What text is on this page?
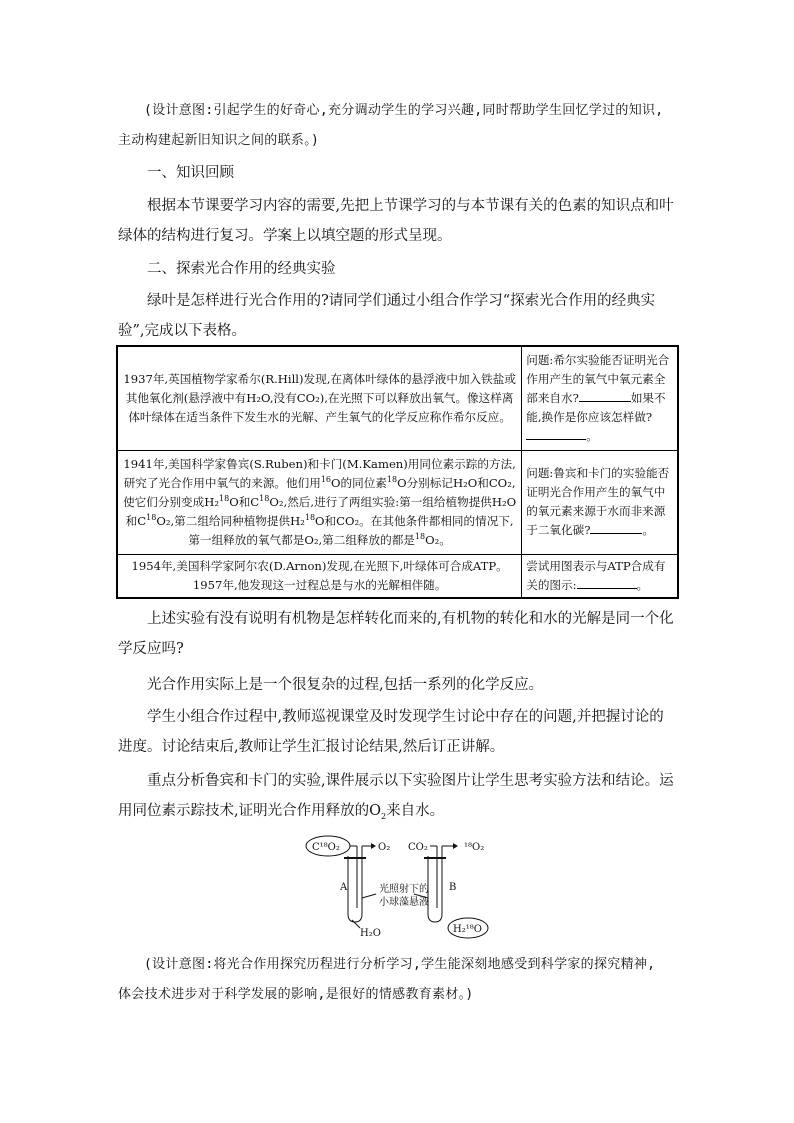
(设计意图:引起学生的好奇心,充分调动学生的学习兴趣,同时帮助学生回忆学过的知识,
主动构建起新旧知识之间的联系。)

一、知识回顾

根据本节课要学习内容的需要,先把上节课学习的与本节课有关的色素的知识点和叶绿体的结构进行复习。学案上以填空题的形式呈现。

二、探索光合作用的经典实验

绿叶是怎样进行光合作用的?请同学们通过小组合作学习“探索光合作用的经典实验”,完成以下表格。

1937年,英国植物学家希尔(R.Hill)发现,在离体叶绿体的悬浮液中加入铁盐或其他氧化剂(悬浮液中有H₂O,没有CO₂),在光照下可以释放出氧气。像这样离体叶绿体在适当条件下发生水的光解、产生氧气的化学反应称作希尔反应。	问题:希尔实验能否证明光合作用产生的氧气中氧元素全部来自水? 如果不能,换作是你应该怎样做?。
1941年,美国科学家鲁宾(S.Ruben)和卡门(M.Kamen)用同位素示踪的方法,研究了光合作用中氧气的来源。他们用$^{16}$O的同位素$^{18}$O分别标记H₂O和CO₂,使它们分别变成H₂$^{18}$O和$C^{18}O_2$,然后,进行了两组实验:第一组给植物提供H₂O和$C^{18}O_2$,第二组给同种植物提供H₂$^{18}$O和CO₂。在其他条件都相同的情况下,第一组释放的氧气都是O₂,第二组释放的都是$^{18}$O₂。	问题:鲁宾和卡门的实验能否证明光合作用产生的氧气中的氧元素来源于水而非来源于二氧化碳? 。
1954年,美国科学家阿尔农(D.Arnon)发现,在光照下,叶绿体可合成ATP。1957年,他发现这一过程总是与水的光解相伴随。	尝试用图表示与ATP合成有关的图示: 。

上述实验有没有说明有机物是怎样转化而来的,有机物的转化和水的光解是同一个化学反应吗?

光合作用实际上是一个很复杂的过程,包括一系列的化学反应。

学生小组合作过程中,教师巡视课堂及时发现学生讨论中存在的问题,并把握讨论的进度。讨论结束后,教师让学生汇报讨论结果,然后订正讲解。

重点分析鲁宾和卡门的实验,课件展示以下实验图片让学生思考实验方法和结论。运用同位素示踪技术,证明光合作用释放的$O_2$来自水。

C¹⁸O₂	O₂
A
H₂O
CO₂	¹⁸O₂
B
H₂¹⁸O
光照射下的
小球藻悬液

(设计意图:将光合作用探究历程进行分析学习,学生能深刻地感受到科学家的探究精神,
体会技术进步对于科学发展的影响,是很好的情感教育素材。)
